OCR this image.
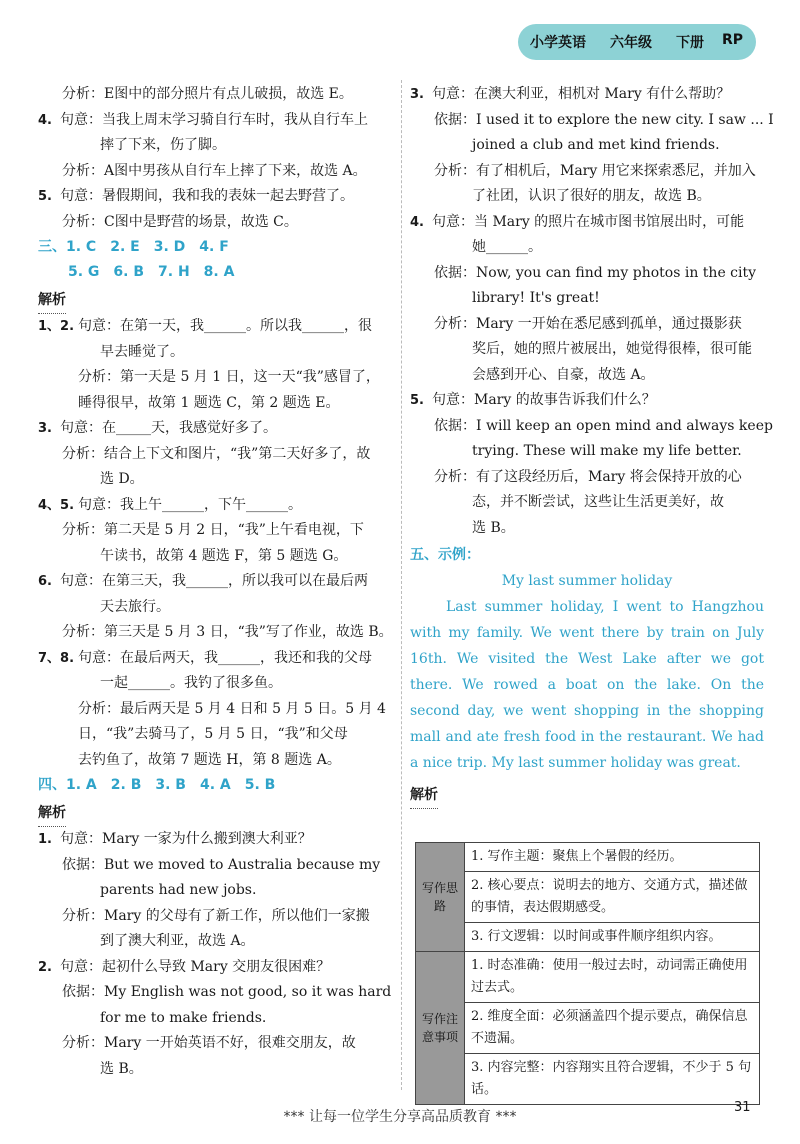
小学英语 六年级 下册 RP
分析： E图中的部分照片有点儿破损，故选 E。
4. 句意： 当我上周末学习骑自行车时，我从自行车上
摔了下来，伤了脚。
分析： A图中男孩从自行车上摔了下来，故选 A。
5. 句意： 暑假期间，我和我的表妹一起去野营了。
分析： C图中是野营的场景，故选 C。
三、1. C　2. E　3. D　4. F
5. G　6. B　7. H　8. A
解析
1、2. 句意： 在第一天，我______。所以我______，很
早去睡觉了。
分析： 第一天是 5 月 1 日，这一天“我”感冒了，
睡得很早，故第 1 题选 C，第 2 题选 E。
3. 句意： 在_____天，我感觉好多了。
分析： 结合上下文和图片，“我”第二天好多了，故
选 D。
4、5. 句意： 我上午______，下午______。
分析： 第二天是 5 月 2 日，“我”上午看电视，下
午读书，故第 4 题选 F，第 5 题选 G。
6. 句意： 在第三天，我______，所以我可以在最后两
天去旅行。
分析： 第三天是 5 月 3 日，“我”写了作业，故选 B。
7、8. 句意： 在最后两天，我______，我还和我的父母
一起______。我钓了很多鱼。
分析： 最后两天是 5 月 4 日和 5 月 5 日。5 月 4
日，“我”去骑马了，5 月 5 日，“我”和父母
去钓鱼了，故第 7 题选 H，第 8 题选 A。
四、1. A　2. B　3. B　4. A　5. B
解析
1. 句意： Mary 一家为什么搬到澳大利亚？
依据： But we moved to Australia because my
parents had new jobs.
分析： Mary 的父母有了新工作，所以他们一家搬
到了澳大利亚，故选 A。
2. 句意： 起初什么导致 Mary 交朋友很困难？
依据： My English was not good, so it was hard
for me to make friends.
分析： Mary 一开始英语不好，很难交朋友，故
选 B。
3. 句意： 在澳大利亚，相机对 Mary 有什么帮助？
依据： I used it to explore the new city. I saw ... I
joined a club and met kind friends.
分析： 有了相机后，Mary 用它来探索悉尼，并加入
了社团，认识了很好的朋友，故选 B。
4. 句意： 当 Mary 的照片在城市图书馆展出时，可能
她______。
依据： Now, you can find my photos in the city
library! It's great!
分析： Mary 一开始在悉尼感到孤单，通过摄影获
奖后，她的照片被展出，她觉得很棒，很可能
会感到开心、自豪，故选 A。
5. 句意： Mary 的故事告诉我们什么？
依据： I will keep an open mind and always keep
trying. These will make my life better.
分析： 有了这段经历后，Mary 将会保持开放的心
态，并不断尝试，这些让生活更美好，故
选 B。
五、示例：
My last summer holiday
Last summer holiday, I went to Hangzhou with my family. We went there by train on July 16th. We visited the West Lake after we got there. We rowed a boat on the lake. On the second day, we went shopping in the shopping mall and ate fresh food in the restaurant. We had a nice trip. My last summer holiday was great.
解析
写作思路	1. 写作主题：聚焦上个暑假的经历。
	2. 核心要点：说明去的地方、交通方式，描述做的事情，表达假期感受。
	3. 行文逻辑：以时间或事件顺序组织内容。
写作注意事项	1. 时态准确：使用一般过去时，动词需正确使用过去式。
	2. 维度全面：必须涵盖四个提示要点，确保信息不遗漏。
	3. 内容完整：内容翔实且符合逻辑，不少于 5 句话。
*** 让每一位学生分享高品质教育 ***
31
